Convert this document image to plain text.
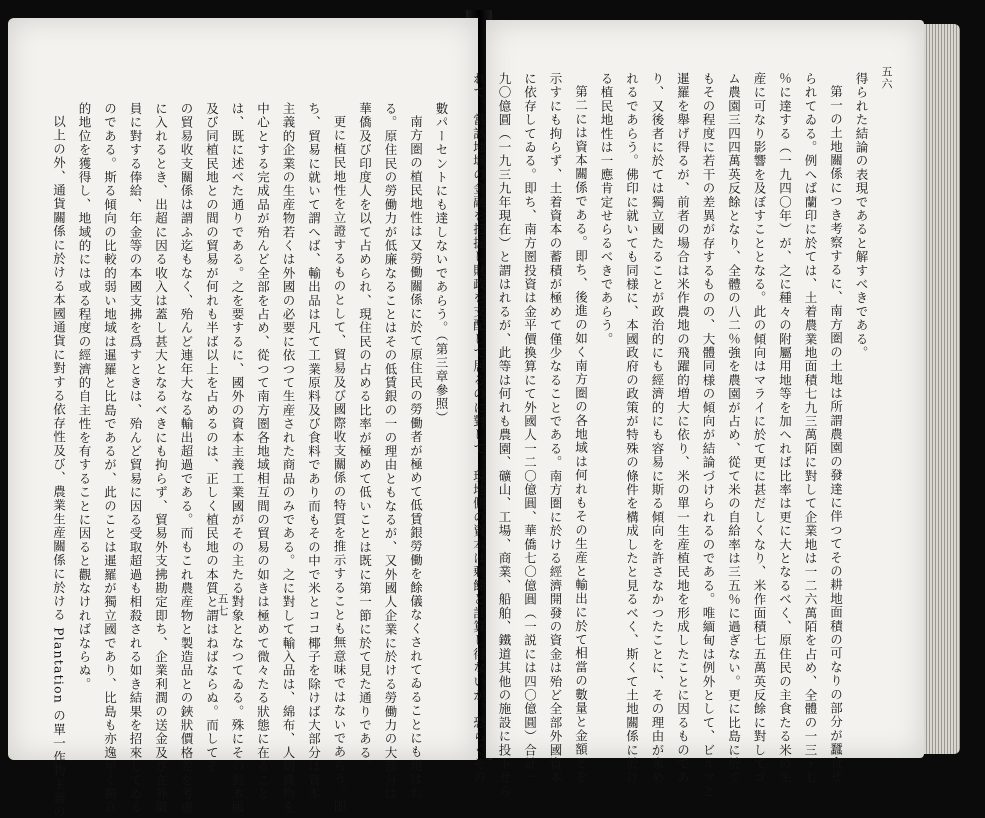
數パーセントにも達しないであらう。（第三章參照）
南方圏の植民地性は又勞働關係に於て原住民の勞働者が極めて低賃銀勞働を餘儀なくされてゐることにも現はれ
る。原住民の勞働力が低廉なることはその低賃銀の一の理由ともなるが、又外國人企業に於ける勞働力の大部分は
華僑及び印度人を以て占められ、現住民の占める比率が極めて低いことは既に第一節に於て見た通りである。
更に植民地性を立證するものとして、貿易及び國際收支關係の特質を推示することも無意味ではないであらう。即
ち、貿易に就いて謂へば、輸出品は凡て工業原料及び食料であり而もその中で米とココ椰子を除けば大部分は資本
主義的企業の生産物若くは外國の必要に依つて生産された商品のみである。之に對して輸入品は、綿布、人絹織物を
中心とする完成品が殆んど全部を占め、從つて南方圏各地域相互間の貿易の如きは極めて微々たる狀態に在ること
は、既に述べた通りである。之を要するに、國外の資本主義工業國がその主たる對象となつてゐる。殊にその對本國
及び同植民地との間の貿易が何れも半ば以上を占めるのは、正しく植民地の本質と謂はねばならぬ。而してそ
の貿易收支關係は謂ふ迄もなく、殆んど連年大なる輸出超過である。而もこれ農産物と製造品との鋏狀價格差を考慮
に入れるとき、出超に因る收入は蓋し甚大となるべきにも拘らず、貿易外支拂勘定即ち、企業利潤の送金及び在外職
員に對する俸給、年金等の本國支拂を爲すときは、殆んど貿易に因る受取超過も相殺される如き結果を招來してゐる
のである。斯る傾向の比較的弱い地域は暹羅と比島であるが、此のことは暹羅が獨立國であり、比島も亦逸早く獨立
的地位を獲得し、地域的には或る程度の經濟的自主性を有することに因ると觀なければならぬ。
以上の外、通貨關係に於ける本國通貨に對する依存性及び、農業生産關係に於ける Plantation の單一作物主義の	五七
五六
得られた結論の表現であると解すべきである。
第一の土地關係につき考察するに、南方圏の土地は所謂農園の發達に伴つてその耕地面積の可なりの部分が蠶食せ
られてゐる。例へば蘭印に於ては、土着農業地面積七九三萬陌に對して企業地は一二六萬陌を占め、全體の一三・七
％に達する（一九四〇年）が、之に種々の附屬用地等を加へれば比率は更に大となるべく、原住民の主食たる米の生
産に可なり影響を及ぼすこととなる。此の傾向はマライに於て更に甚だしくなり、米作面積七五萬英反餘に對してゴ
ム農園三四四萬英反餘となり、全體の八二％強を農園が占め、從て米の自給率は三五％に過ぎない。更に比島に於て
もその程度に若干の差異が存するものの、大體同様の傾向が結論づけられるのである。唯緬甸は例外として、ビルマと
暹羅を舉げ得るが、前者の場合は米作農地の飛躍的増大に依り、米の單一生産植民地を形成したことに因るものであ
り、又後者に於ては獨立國たることが政治的にも經濟的にも容易に斯る傾向を許さなかつたことに、その理由が求め
れるであらう。佛印に就いても同様に、本國政府の政策が特殊の條件を構成したと見るべく、斯くて土地關係に於け
る植民地性は一應肯定せらるべきであらう。
第二には資本關係である。即ち、後進の如く南方圏の各地域は何れもその生産と輸出に於て相當の數量と金額とを
示すにも拘らず、土着資本の蓄積が極めて僅少なることである。南方圏に於ける經濟開發の資金は殆ど全部外國資本
に依存してゐる。即ち、南方圏投資は金平價換算にて外國人一二〇億圓、華僑七〇億圓（一説には四〇億圓）合計一
九〇億圓（一九三九年現在）と謂はれるが、此等は何れも農園、礦山、工場、商業、船舶、鐵道其他の施設に投下せら
れて、當該地域の金融を把握し財政を支配して居るのに對して、現地側の資本は剰餘と計算し得ないが、恐らくその
